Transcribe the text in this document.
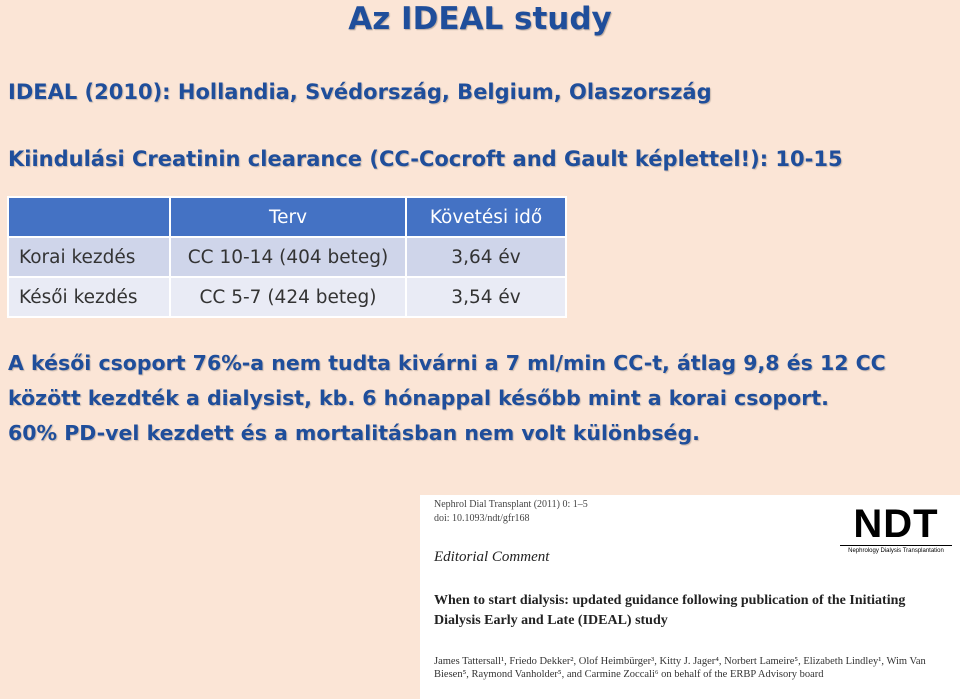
Az IDEAL study
IDEAL (2010): Hollandia, Svédország, Belgium, Olaszország
Kiindulási Creatinin clearance (CC-Cocroft and Gault képlettel!): 10-15
	Terv	Követési idő
Korai kezdés	CC 10-14 (404 beteg)	3,64 év
Késői kezdés	CC 5-7 (424 beteg)	3,54 év
A késői csoport 76%-a nem tudta kivárni a 7 ml/min CC-t, átlag 9,8 és 12 CC
között kezdték a dialysist, kb. 6 hónappal később mint a korai csoport.
60% PD-vel kezdett és a mortalitásban nem volt különbség.
Nephrol Dial Transplant (2011) 0: 1–5
doi: 10.1093/ndt/gfr168	NDT
Nephrology Dialysis Transplantation
Editorial Comment
When to start dialysis: updated guidance following publication of the Initiating Dialysis Early and Late (IDEAL) study
James Tattersall¹, Friedo Dekker², Olof Heimbürger³, Kitty J. Jager⁴, Norbert Lameire⁵, Elizabeth Lindley¹, Wim Van Biesen⁵, Raymond Vanholder⁵, and Carmine Zoccali⁶ on behalf of the ERBP Advisory board
